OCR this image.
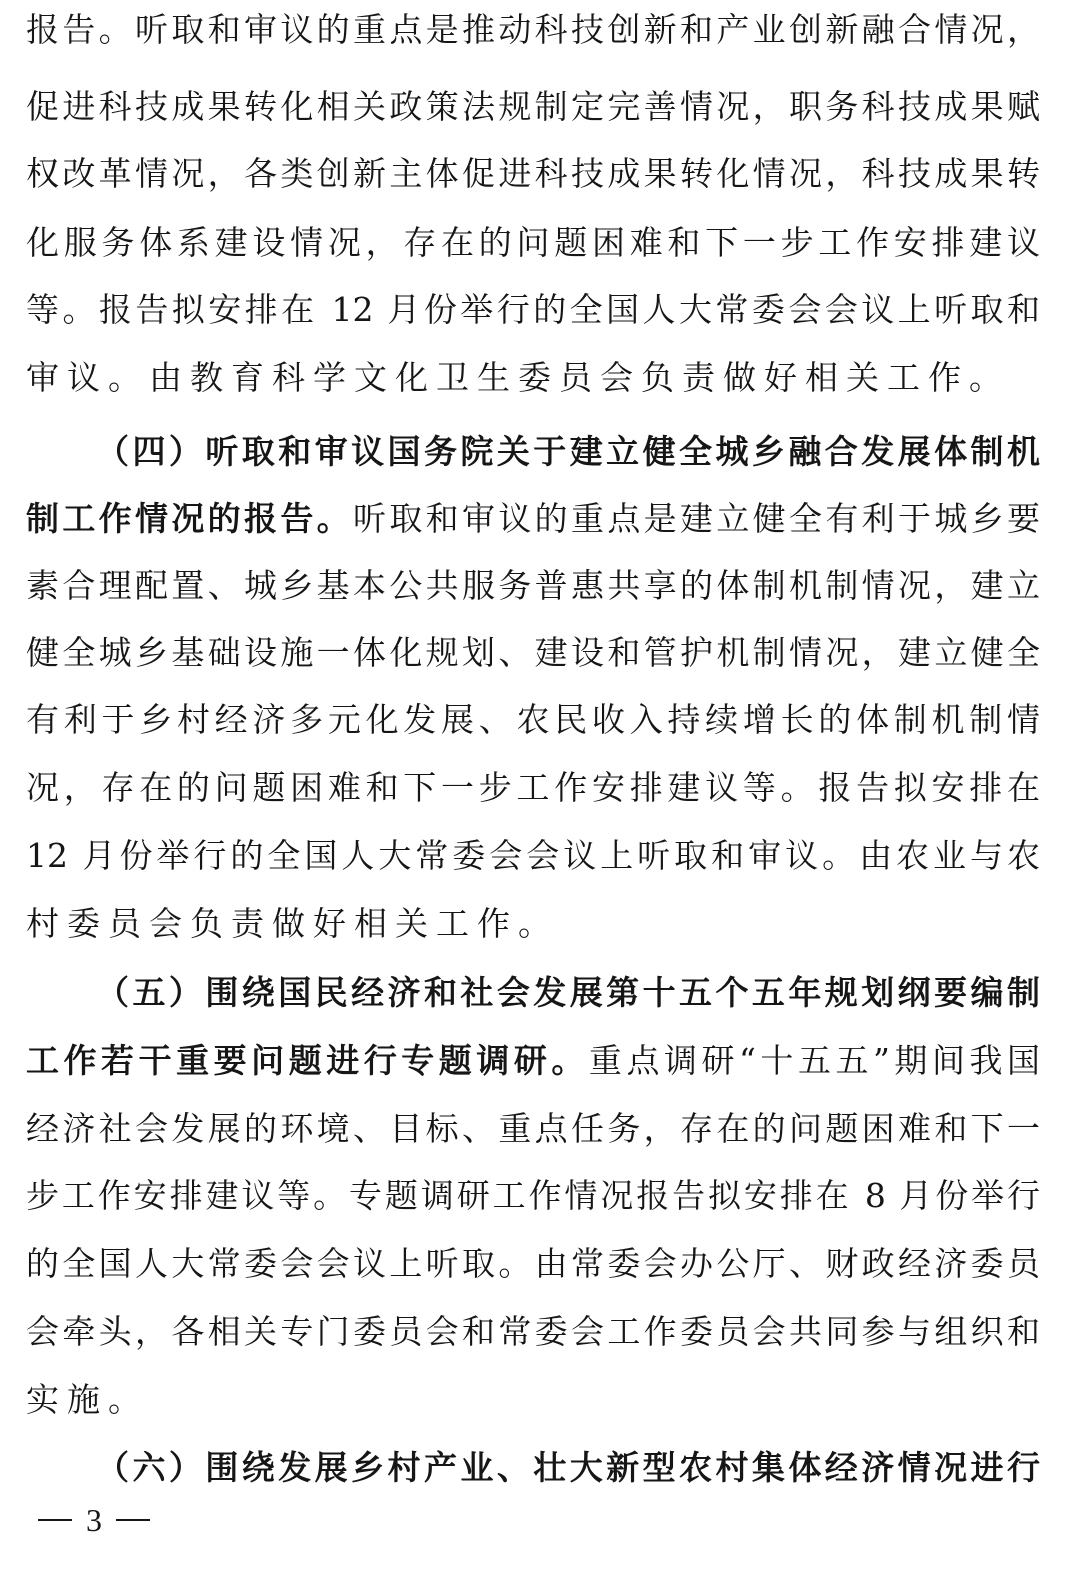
报告。听取和审议的重点是推动科技创新和产业创新融合情况，
促进科技成果转化相关政策法规制定完善情况，职务科技成果赋
权改革情况，各类创新主体促进科技成果转化情况，科技成果转
化服务体系建设情况，存在的问题困难和下一步工作安排建议
等。报告拟安排在 12 月份举行的全国人大常委会会议上听取和
审议。由教育科学文化卫生委员会负责做好相关工作。
（四）听取和审议国务院关于建立健全城乡融合发展体制机
制工作情况的报告。听取和审议的重点是建立健全有利于城乡要
素合理配置、城乡基本公共服务普惠共享的体制机制情况，建立
健全城乡基础设施一体化规划、建设和管护机制情况，建立健全
有利于乡村经济多元化发展、农民收入持续增长的体制机制情
况，存在的问题困难和下一步工作安排建议等。报告拟安排在
12 月份举行的全国人大常委会会议上听取和审议。由农业与农
村委员会负责做好相关工作。
（五）围绕国民经济和社会发展第十五个五年规划纲要编制
工作若干重要问题进行专题调研。重点调研“十五五”期间我国
经济社会发展的环境、目标、重点任务，存在的问题困难和下一
步工作安排建议等。专题调研工作情况报告拟安排在 8 月份举行
的全国人大常委会会议上听取。由常委会办公厅、财政经济委员
会牵头，各相关专门委员会和常委会工作委员会共同参与组织和
实施。
（六）围绕发展乡村产业、壮大新型农村集体经济情况进行
3
